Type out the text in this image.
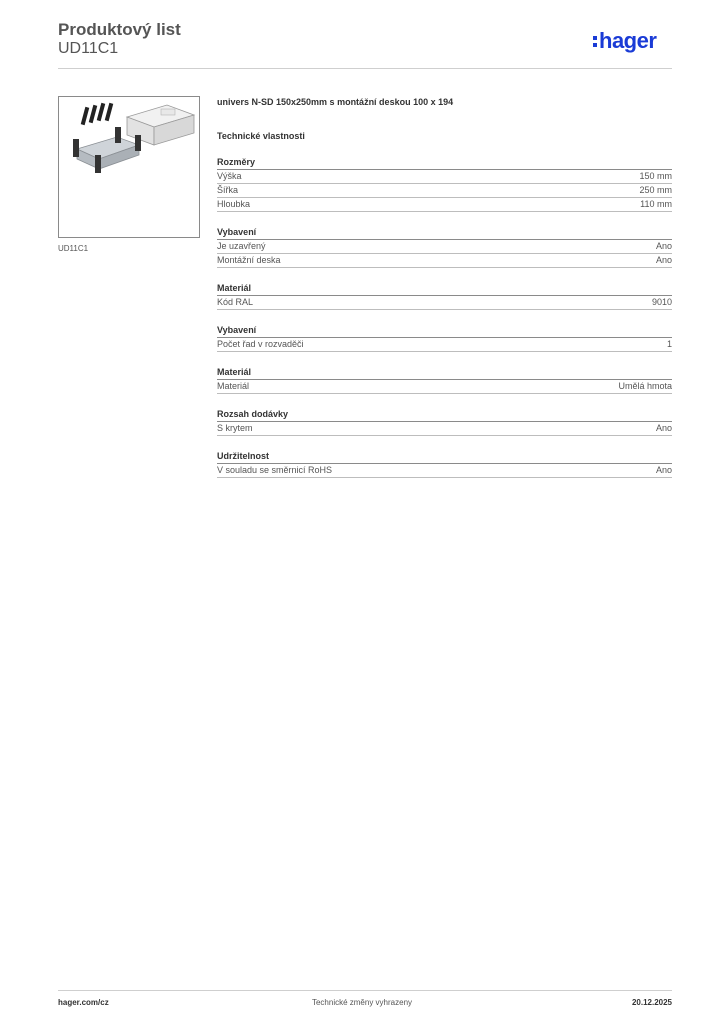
Produktový list
UD11C1	hager
UD11C1
univers N-SD 150x250mm s montážní deskou 100 x 194
Technické vlastnosti
Rozměry
Výška	150 mm
Šířka	250 mm
Hloubka	110 mm
Vybavení
Je uzavřený	Ano
Montážní deska	Ano
Materiál
Kód RAL	9010
Vybavení
Počet řad v rozvaděči	1
Materiál
Materiál	Umělá hmota
Rozsah dodávky
S krytem	Ano
Udržitelnost
V souladu se směrnicí RoHS	Ano
hager.com/cz	Technické změny vyhrazeny	20.12.2025
